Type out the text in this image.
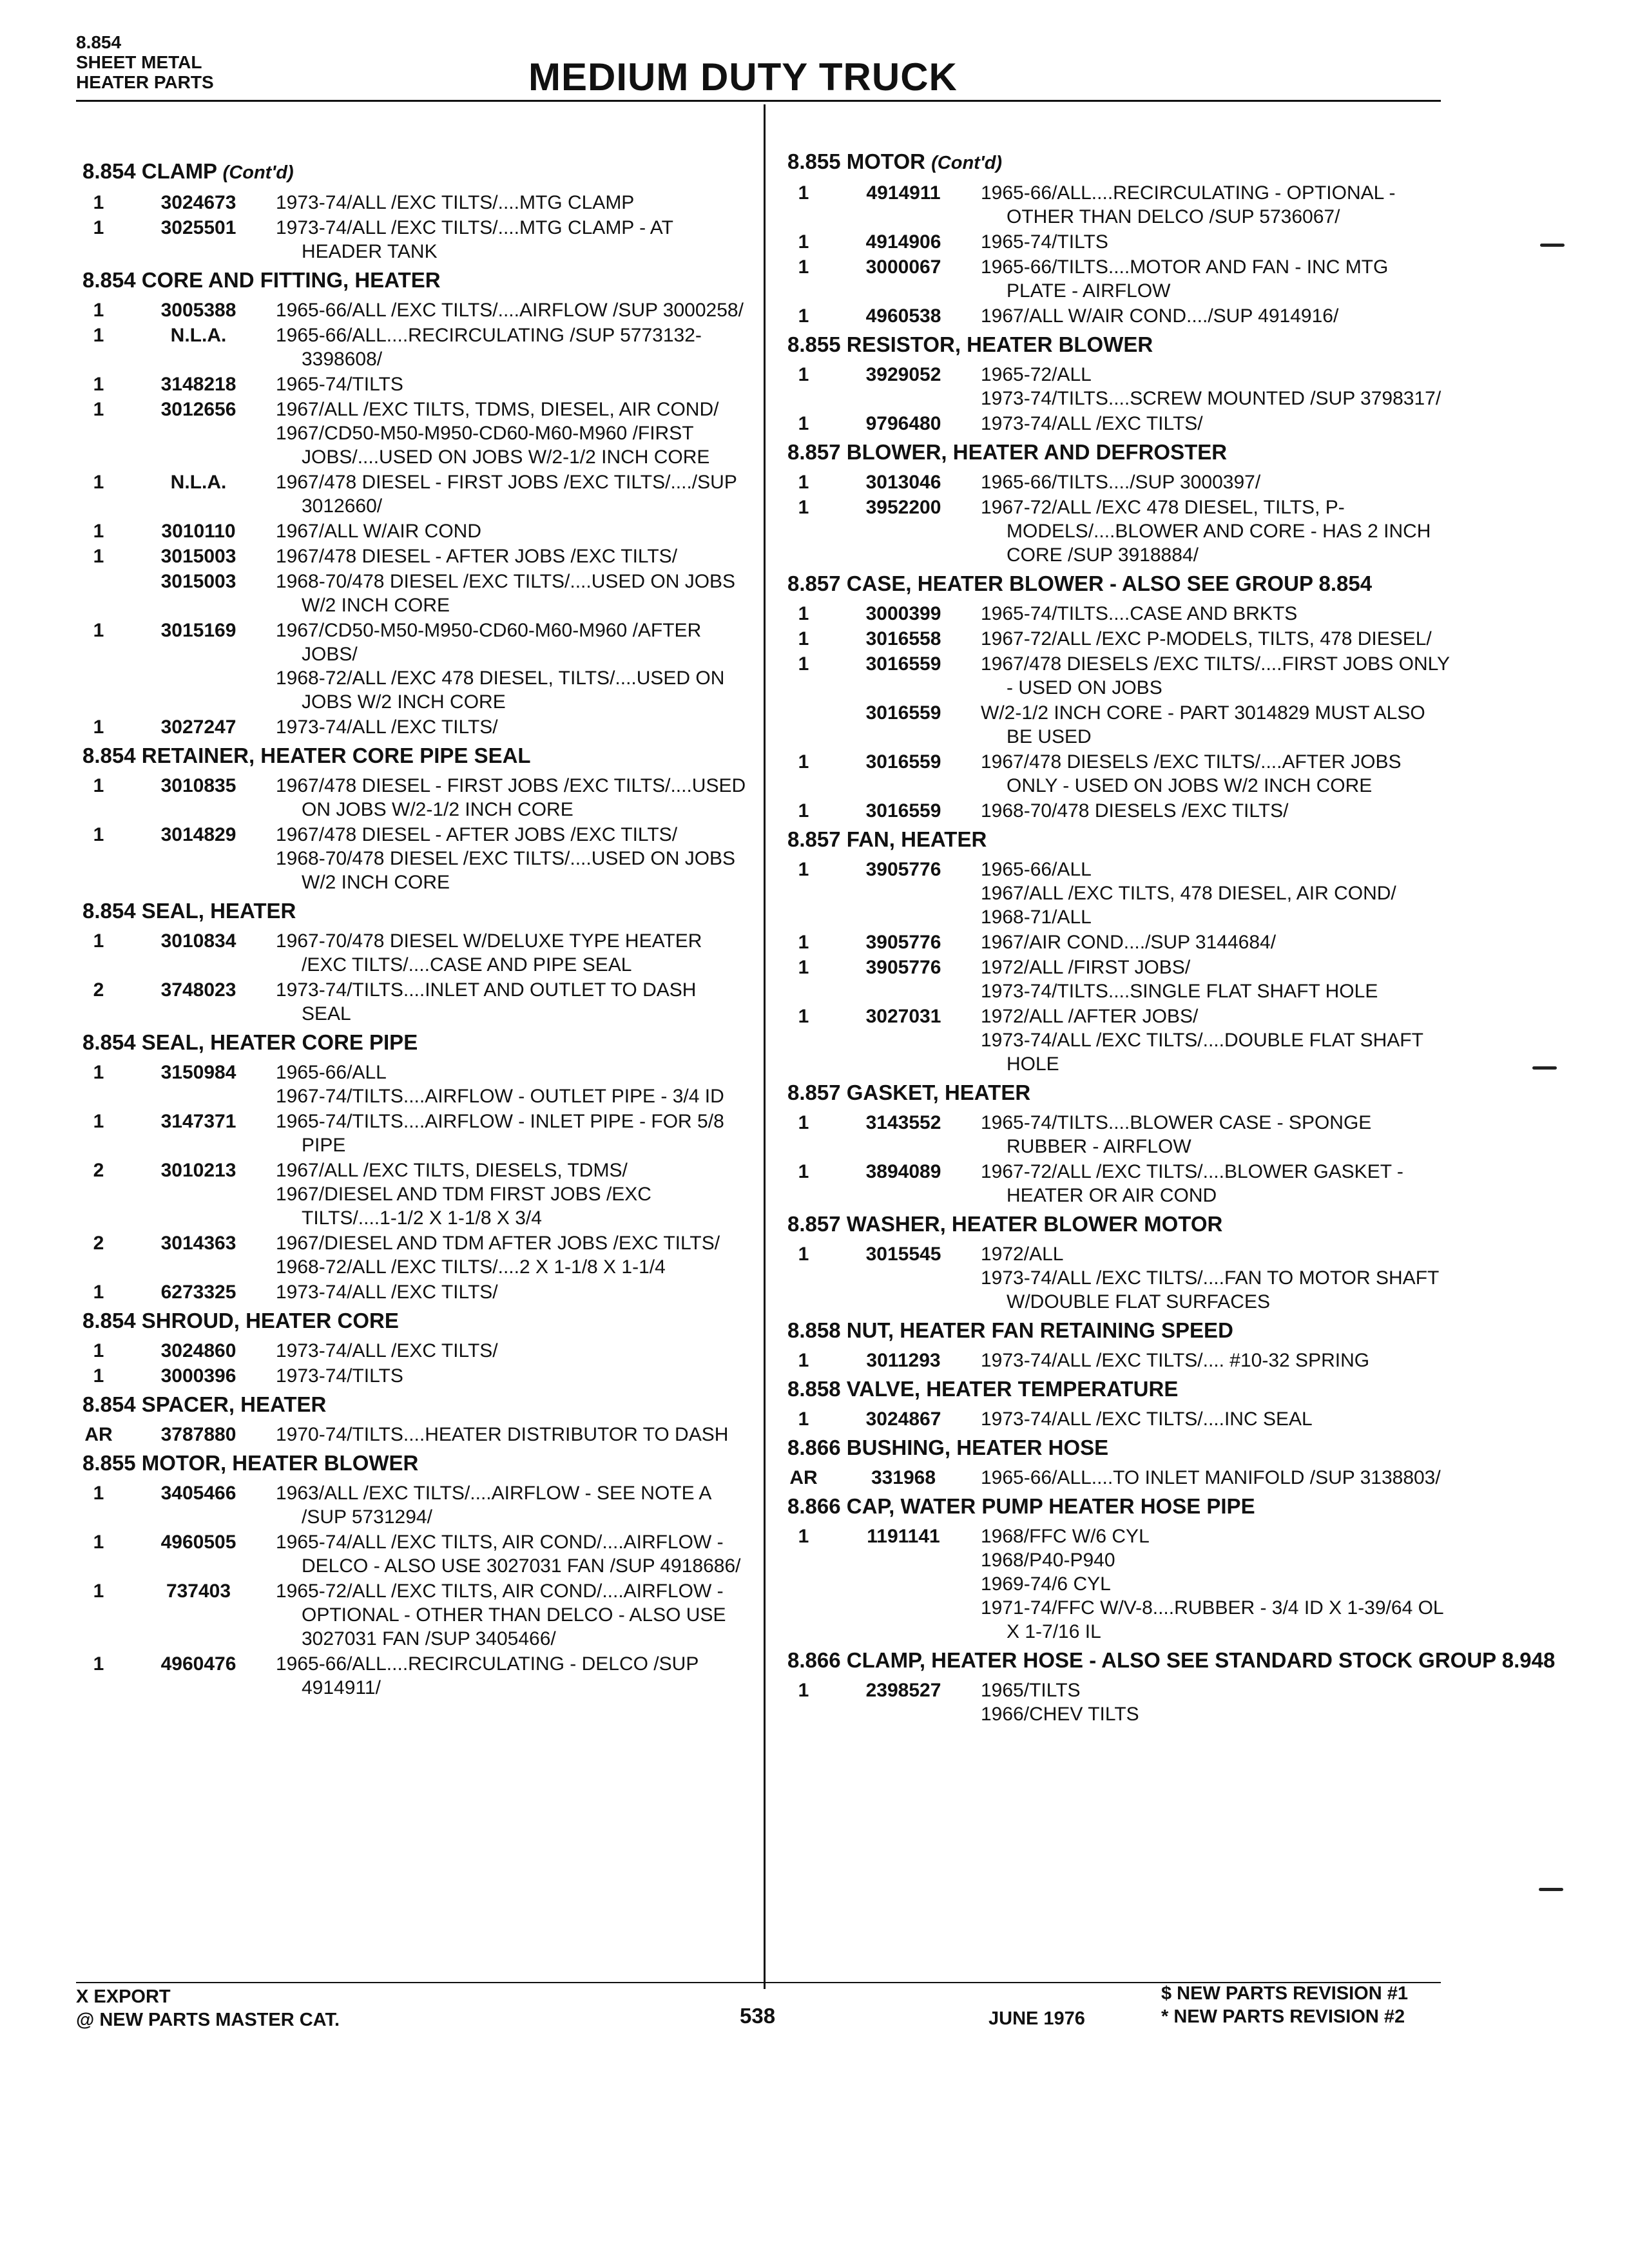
8.854
SHEET METAL
HEATER PARTS	MEDIUM DUTY TRUCK
8.854 CLAMP (Cont'd)
1	3024673	1973-74/ALL /EXC TILTS/....MTG CLAMP
1	3025501	1973-74/ALL /EXC TILTS/....MTG CLAMP - AT HEADER TANK
8.854 CORE AND FITTING, HEATER
1	3005388	1965-66/ALL /EXC TILTS/....AIRFLOW /SUP 3000258/
1	N.L.A.	1965-66/ALL....RECIRCULATING /SUP 5773132-3398608/
1	3148218	1965-74/TILTS
1	3012656	1967/ALL /EXC TILTS, TDMS, DIESEL, AIR COND/
1967/CD50-M50-M950-CD60-M60-M960 /FIRST JOBS/....USED ON JOBS W/2-1/2 INCH CORE
1	N.L.A.	1967/478 DIESEL - FIRST JOBS /EXC TILTS/..../SUP 3012660/
1	3010110	1967/ALL W/AIR COND
1	3015003	1967/478 DIESEL - AFTER JOBS /EXC TILTS/
3015003	1968-70/478 DIESEL /EXC TILTS/....USED ON JOBS W/2 INCH CORE
1	3015169	1967/CD50-M50-M950-CD60-M60-M960 /AFTER JOBS/
1968-72/ALL /EXC 478 DIESEL, TILTS/....USED ON JOBS W/2 INCH CORE
1	3027247	1973-74/ALL /EXC TILTS/
8.854 RETAINER, HEATER CORE PIPE SEAL
1	3010835	1967/478 DIESEL - FIRST JOBS /EXC TILTS/....USED ON JOBS W/2-1/2 INCH CORE
1	3014829	1967/478 DIESEL - AFTER JOBS /EXC TILTS/
1968-70/478 DIESEL /EXC TILTS/....USED ON JOBS W/2 INCH CORE
8.854 SEAL, HEATER
1	3010834	1967-70/478 DIESEL W/DELUXE TYPE HEATER /EXC TILTS/....CASE AND PIPE SEAL
2	3748023	1973-74/TILTS....INLET AND OUTLET TO DASH SEAL
8.854 SEAL, HEATER CORE PIPE
1	3150984	1965-66/ALL
1967-74/TILTS....AIRFLOW - OUTLET PIPE - 3/4 ID
1	3147371	1965-74/TILTS....AIRFLOW - INLET PIPE - FOR 5/8 PIPE
2	3010213	1967/ALL /EXC TILTS, DIESELS, TDMS/
1967/DIESEL AND TDM FIRST JOBS /EXC TILTS/....1-1/2 X 1-1/8 X 3/4
2	3014363	1967/DIESEL AND TDM AFTER JOBS /EXC TILTS/
1968-72/ALL /EXC TILTS/....2 X 1-1/8 X 1-1/4
1	6273325	1973-74/ALL /EXC TILTS/
8.854 SHROUD, HEATER CORE
1	3024860	1973-74/ALL /EXC TILTS/
1	3000396	1973-74/TILTS
8.854 SPACER, HEATER
AR	3787880	1970-74/TILTS....HEATER DISTRIBUTOR TO DASH
8.855 MOTOR, HEATER BLOWER
1	3405466	1963/ALL /EXC TILTS/....AIRFLOW - SEE NOTE A /SUP 5731294/
1	4960505	1965-74/ALL /EXC TILTS, AIR COND/....AIRFLOW - DELCO - ALSO USE 3027031 FAN /SUP 4918686/
1	737403	1965-72/ALL /EXC TILTS, AIR COND/....AIRFLOW - OPTIONAL - OTHER THAN DELCO - ALSO USE 3027031 FAN /SUP 3405466/
1	4960476	1965-66/ALL....RECIRCULATING - DELCO /SUP 4914911/
8.855 MOTOR (Cont'd)
1	4914911	1965-66/ALL....RECIRCULATING - OPTIONAL - OTHER THAN DELCO /SUP 5736067/
1	4914906	1965-74/TILTS
1	3000067	1965-66/TILTS....MOTOR AND FAN - INC MTG PLATE - AIRFLOW
1	4960538	1967/ALL W/AIR COND..../SUP 4914916/
8.855 RESISTOR, HEATER BLOWER
1	3929052	1965-72/ALL
1973-74/TILTS....SCREW MOUNTED /SUP 3798317/
1	9796480	1973-74/ALL /EXC TILTS/
8.857 BLOWER, HEATER AND DEFROSTER
1	3013046	1965-66/TILTS..../SUP 3000397/
1	3952200	1967-72/ALL /EXC 478 DIESEL, TILTS, P-MODELS/....BLOWER AND CORE - HAS 2 INCH CORE /SUP 3918884/
8.857 CASE, HEATER BLOWER - ALSO SEE GROUP 8.854
1	3000399	1965-74/TILTS....CASE AND BRKTS
1	3016558	1967-72/ALL /EXC P-MODELS, TILTS, 478 DIESEL/
1	3016559	1967/478 DIESELS /EXC TILTS/....FIRST JOBS ONLY - USED ON JOBS
3016559	W/2-1/2 INCH CORE - PART 3014829 MUST ALSO BE USED
1	3016559	1967/478 DIESELS /EXC TILTS/....AFTER JOBS ONLY - USED ON JOBS W/2 INCH CORE
1	3016559	1968-70/478 DIESELS /EXC TILTS/
8.857 FAN, HEATER
1	3905776	1965-66/ALL
1967/ALL /EXC TILTS, 478 DIESEL, AIR COND/
1968-71/ALL
1	3905776	1967/AIR COND..../SUP 3144684/
1	3905776	1972/ALL /FIRST JOBS/
1973-74/TILTS....SINGLE FLAT SHAFT HOLE
1	3027031	1972/ALL /AFTER JOBS/
1973-74/ALL /EXC TILTS/....DOUBLE FLAT SHAFT HOLE
8.857 GASKET, HEATER
1	3143552	1965-74/TILTS....BLOWER CASE - SPONGE RUBBER - AIRFLOW
1	3894089	1967-72/ALL /EXC TILTS/....BLOWER GASKET - HEATER OR AIR COND
8.857 WASHER, HEATER BLOWER MOTOR
1	3015545	1972/ALL
1973-74/ALL /EXC TILTS/....FAN TO MOTOR SHAFT W/DOUBLE FLAT SURFACES
8.858 NUT, HEATER FAN RETAINING SPEED
1	3011293	1973-74/ALL /EXC TILTS/.... #10-32 SPRING
8.858 VALVE, HEATER TEMPERATURE
1	3024867	1973-74/ALL /EXC TILTS/....INC SEAL
8.866 BUSHING, HEATER HOSE
AR	331968	1965-66/ALL....TO INLET MANIFOLD /SUP 3138803/
8.866 CAP, WATER PUMP HEATER HOSE PIPE
1	1191141	1968/FFC W/6 CYL
1968/P40-P940
1969-74/6 CYL
1971-74/FFC W/V-8....RUBBER - 3/4 ID X 1-39/64 OL X 1-7/16 IL
8.866 CLAMP, HEATER HOSE - ALSO SEE STANDARD STOCK GROUP 8.948
1	2398527	1965/TILTS
1966/CHEV TILTS
X EXPORT
@ NEW PARTS MASTER CAT.	538	JUNE 1976
$ NEW PARTS REVISION #1
* NEW PARTS REVISION #2
